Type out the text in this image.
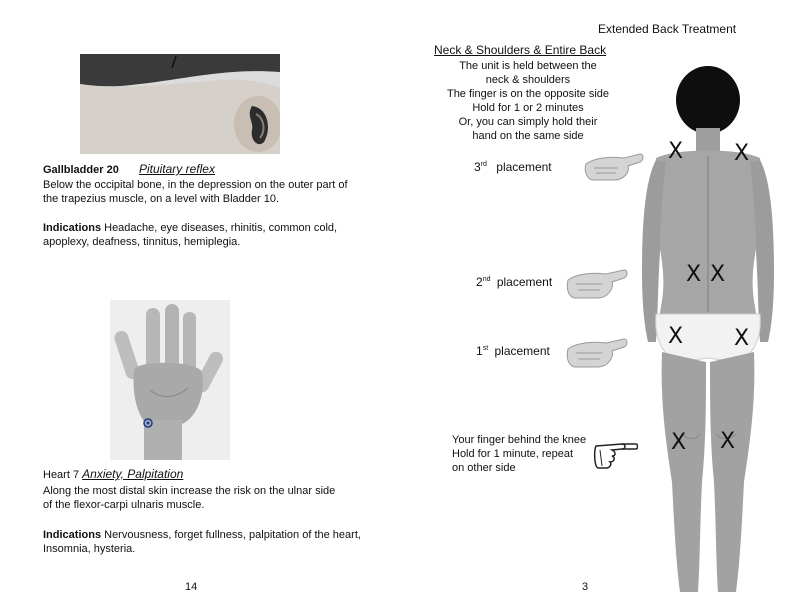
Gallbladder 20 Pituitary reflex
Below the occipital bone, in the depression on the outer part of
the trapezius muscle, on a level with Bladder 10.
Indications Headache, eye diseases, rhinitis, common cold,
apoplexy, deafness, tinnitus, hemiplegia.
Heart 7 Anxiety, Palpitation
Along the most distal skin increase the risk on the ulnar side
of the flexor-carpi ulnaris muscle.
Indications Nervousness, forget fullness, palpitation of the heart,
Insomnia, hysteria.
14
Extended Back Treatment
Neck & Shoulders & Entire Back
The unit is held between the
neck & shoulders
The finger is on the opposite side
Hold for 1 or 2 minutes
Or, you can simply hold their
hand on the same side
3rd placement
2nd placement
1st placement
Your finger behind the knee
Hold for 1 minute, repeat
on other side
X X
X X
X X
X X
3
